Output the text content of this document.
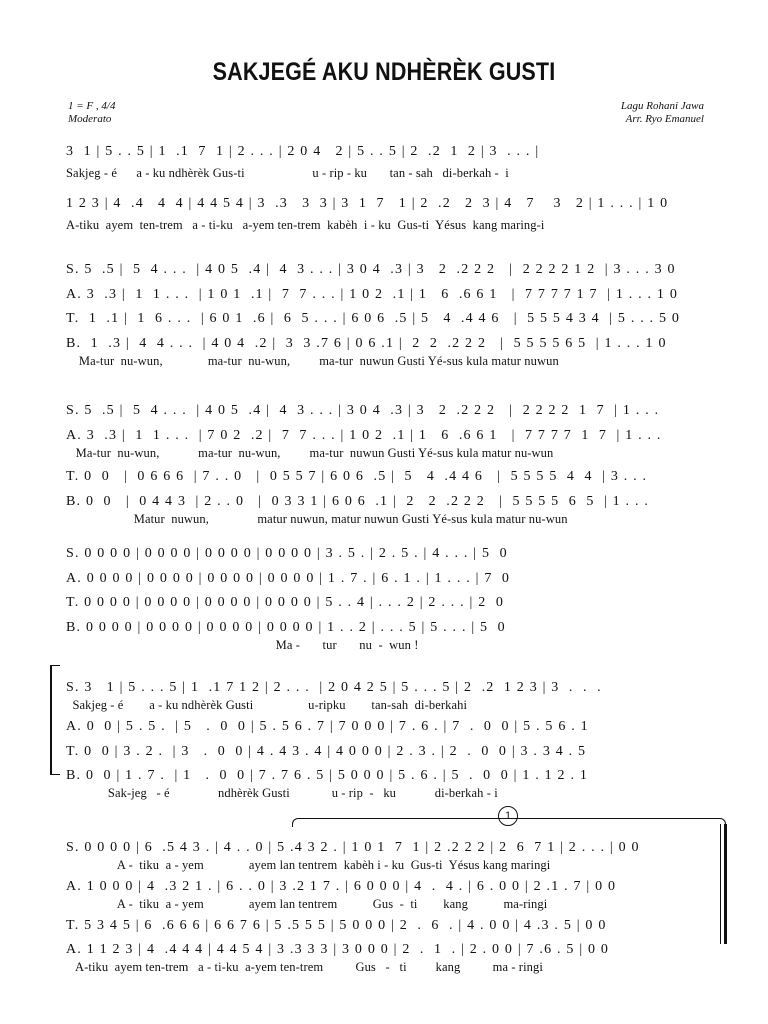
SAKJEGÉ AKU NDHÈRÈK GUSTI
1 = F , 4/4
Moderato
Lagu Rohani Jawa
Arr. Ryo Emanuel
3  1 | 5 . . 5 | 1  .1  7  1 | 2 . . . | 2 0 4   2 | 5 . . 5 | 2  .2  1  2 | 3  . . . |
Sakjeg - é      a - ku ndhèrèk Gus-ti                     u - rip - ku       tan - sah   di-berkah -  i
1 2 3 | 4  .4   4  4 | 4 4 5 4 | 3  .3   3  3 | 3  1  7   1 | 2  .2   2  3 | 4   7    3   2 | 1 . . . | 1 0
A-tiku  ayem  ten-trem   a - ti-ku   a-yem ten-trem  kabèh  i - ku  Gus-ti  Yésus  kang maring-i
S. 5  .5 |  5  4 . . .  | 4 0 5  .4 |  4  3 . . . | 3 0 4  .3 | 3   2  .2 2 2   |  2 2 2 2 1 2  | 3 . . . 3 0
A. 3  .3 |  1  1 . . .  | 1 0 1  .1 |  7  7 . . . | 1 0 2  .1 | 1   6  .6 6 1   |  7 7 7 7 1 7  | 1 . . . 1 0
T.  1  .1 |  1  6 . . .  | 6 0 1  .6 |  6  5 . . . | 6 0 6  .5 | 5   4  .4 4 6   |  5 5 5 4 3 4  | 5 . . . 5 0
B.  1  .3 |  4  4 . . .  | 4 0 4  .2 |  3  3 .7 6 | 0 6 .1 |  2  2  .2 2 2   |  5 5 5 5 6 5  | 1 . . . 1 0
Ma-tur  nu-wun,              ma-tur  nu-wun,         ma-tur  nuwun Gusti Yé-sus kula matur nuwun
S. 5  .5 |  5  4 . . .  | 4 0 5  .4 |  4  3 . . . | 3 0 4  .3 | 3   2  .2 2 2   |  2 2 2 2  1  7  | 1 . . .
A. 3  .3 |  1  1 . . .  | 7 0 2  .2 |  7  7 . . . | 1 0 2  .1 | 1   6  .6 6 1   |  7 7 7 7  1  7  | 1 . . .
Ma-tur  nu-wun,            ma-tur  nu-wun,         ma-tur  nuwun Gusti Yé-sus kula matur nu-wun
T. 0  0   |  0 6 6 6  | 7 . . 0   |  0 5 5 7 | 6 0 6  .5 |  5   4  .4 4 6   |  5 5 5 5  4  4  | 3 . . .
B. 0  0   |  0 4 4 3  | 2 . . 0   |  0 3 3 1 | 6 0 6  .1 |  2   2  .2 2 2   |  5 5 5 5  6  5  | 1 . . .
Matur  nuwun,               matur nuwun, matur nuwun Gusti Yé-sus kula matur nu-wun
S. 0 0 0 0 | 0 0 0 0 | 0 0 0 0 | 0 0 0 0 | 3 . 5 . | 2 . 5 . | 4 . . . | 5  0
A. 0 0 0 0 | 0 0 0 0 | 0 0 0 0 | 0 0 0 0 | 1 . 7 . | 6 . 1 . | 1 . . . | 7  0
T. 0 0 0 0 | 0 0 0 0 | 0 0 0 0 | 0 0 0 0 | 5 . . 4 | . . . 2 | 2 . . . | 2  0
B. 0 0 0 0 | 0 0 0 0 | 0 0 0 0 | 0 0 0 0 | 1 . . 2 | . . . 5 | 5 . . . | 5  0
Ma -       tur       nu  -  wun !
S. 3   1 | 5 . . . 5 | 1  .1 7 1 2 | 2 . . .  | 2 0 4 2 5 | 5 . . . 5 | 2  .2  1 2 3 | 3  .  .  .
Sakjeg - é        a - ku ndhèrèk Gusti                 u-ripku        tan-sah  di-berkahi
A. 0  0 | 5 . 5 .  | 5   .  0  0 | 5 . 5 6 . 7 | 7 0 0 0 | 7 . 6 . | 7  .  0  0 | 5 . 5 6 . 1
T. 0  0 | 3 . 2 .  | 3   .  0  0 | 4 . 4 3 . 4 | 4 0 0 0 | 2 . 3 . | 2  .  0  0 | 3 . 3 4 . 5
B. 0  0 | 1 . 7 .  | 1   .  0  0 | 7 . 7 6 . 5 | 5 0 0 0 | 5 . 6 . | 5  .  0  0 | 1 . 1 2 . 1
Sak-jeg   - é               ndhèrèk Gusti             u - rip  -   ku            di-berkah - i
S. 0 0 0 0 | 6  .5 4 3 . | 4 . . 0 | 5 .4 3 2 . | 1 0 1  7  1 | 2 .2 2 2 | 2  6  7 1 | 2 . . . | 0 0
A -  tiku  a - yem              ayem lan tentrem  kabèh i - ku  Gus-ti  Yésus kang maringi
A. 1 0 0 0 | 4  .3 2 1 . | 6 . . 0 | 3 .2 1 7 . | 6 0 0 0 | 4  .  4 . | 6 . 0 0 | 2 .1 . 7 | 0 0
A -  tiku  a - yem              ayem lan tentrem           Gus  -  ti        kang           ma-ringi
T. 5 3 4 5 | 6  .6 6 6 | 6 6 7 6 | 5 .5 5 5 | 5 0 0 0 | 2  .  6  . | 4 . 0 0 | 4 .3 . 5 | 0 0
A. 1 1 2 3 | 4  .4 4 4 | 4 4 5 4 | 3 .3 3 3 | 3 0 0 0 | 2  .  1  . | 2 . 0 0 | 7 .6 . 5 | 0 0
A-tiku  ayem ten-trem   a - ti-ku  a-yem ten-trem          Gus   -   ti         kang          ma - ringi
1
